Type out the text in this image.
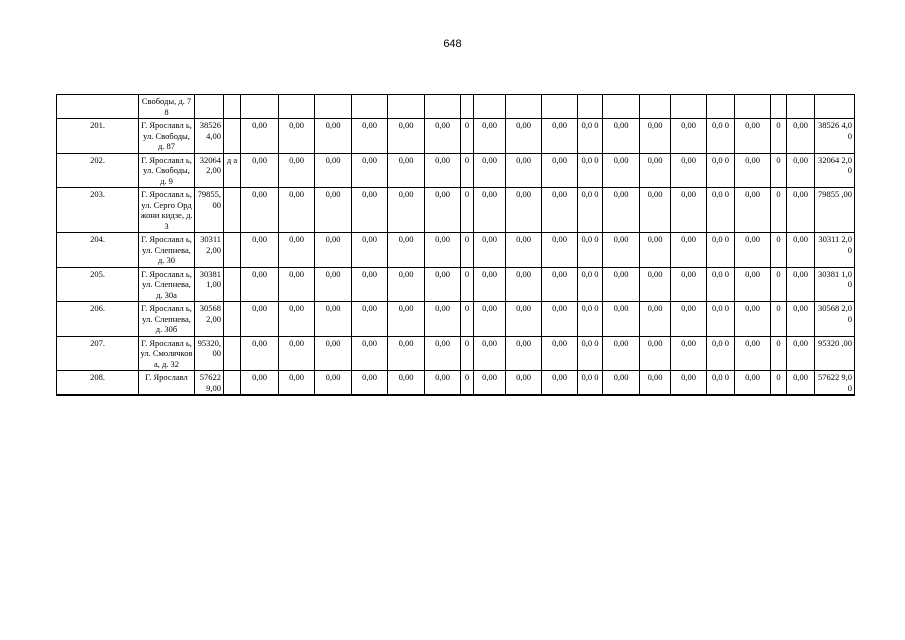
648
	Свободы, д. 78																					
201.	Г. Ярославл ь, ул. Свободы, д. 87	38526 4,00		0,00	0,00	0,00	0,00	0,00	0,00	0	0,00	0,00	0,00	0,0 0	0,00	0,00	0,00	0,0 0	0,00	0	0,00	38526 4,00
202.	Г. Ярославл ь, ул. Свободы, д. 9	32064 2,00	д а	0,00	0,00	0,00	0,00	0,00	0,00	0	0,00	0,00	0,00	0,0 0	0,00	0,00	0,00	0,0 0	0,00	0	0,00	32064 2,00
203.	Г. Ярославл ь, ул. Серго Орджони кидзе, д. 3	79855, 00		0,00	0,00	0,00	0,00	0,00	0,00	0	0,00	0,00	0,00	0,0 0	0,00	0,00	0,00	0,0 0	0,00	0	0,00	79855 ,00
204.	Г. Ярославл ь, ул. Слепнева, д. 30	30311 2,00		0,00	0,00	0,00	0,00	0,00	0,00	0	0,00	0,00	0,00	0,0 0	0,00	0,00	0,00	0,0 0	0,00	0	0,00	30311 2,00
205.	Г. Ярославл ь, ул. Слепнева, д. 30а	30381 1,00		0,00	0,00	0,00	0,00	0,00	0,00	0	0,00	0,00	0,00	0,0 0	0,00	0,00	0,00	0,0 0	0,00	0	0,00	30381 1,00
206.	Г. Ярославл ь, ул. Слепнева, д. 30б	30568 2,00		0,00	0,00	0,00	0,00	0,00	0,00	0	0,00	0,00	0,00	0,0 0	0,00	0,00	0,00	0,0 0	0,00	0	0,00	30568 2,00
207.	Г. Ярославл ь, ул. Смолячков а, д. 32	95320, 00		0,00	0,00	0,00	0,00	0,00	0,00	0	0,00	0,00	0,00	0,0 0	0,00	0,00	0,00	0,0 0	0,00	0	0,00	95320 ,00
208.	Г. Ярославл	57622 9,00		0,00	0,00	0,00	0,00	0,00	0,00	0	0,00	0,00	0,00	0,0 0	0,00	0,00	0,00	0,0 0	0,00	0	0,00	57622 9,00
